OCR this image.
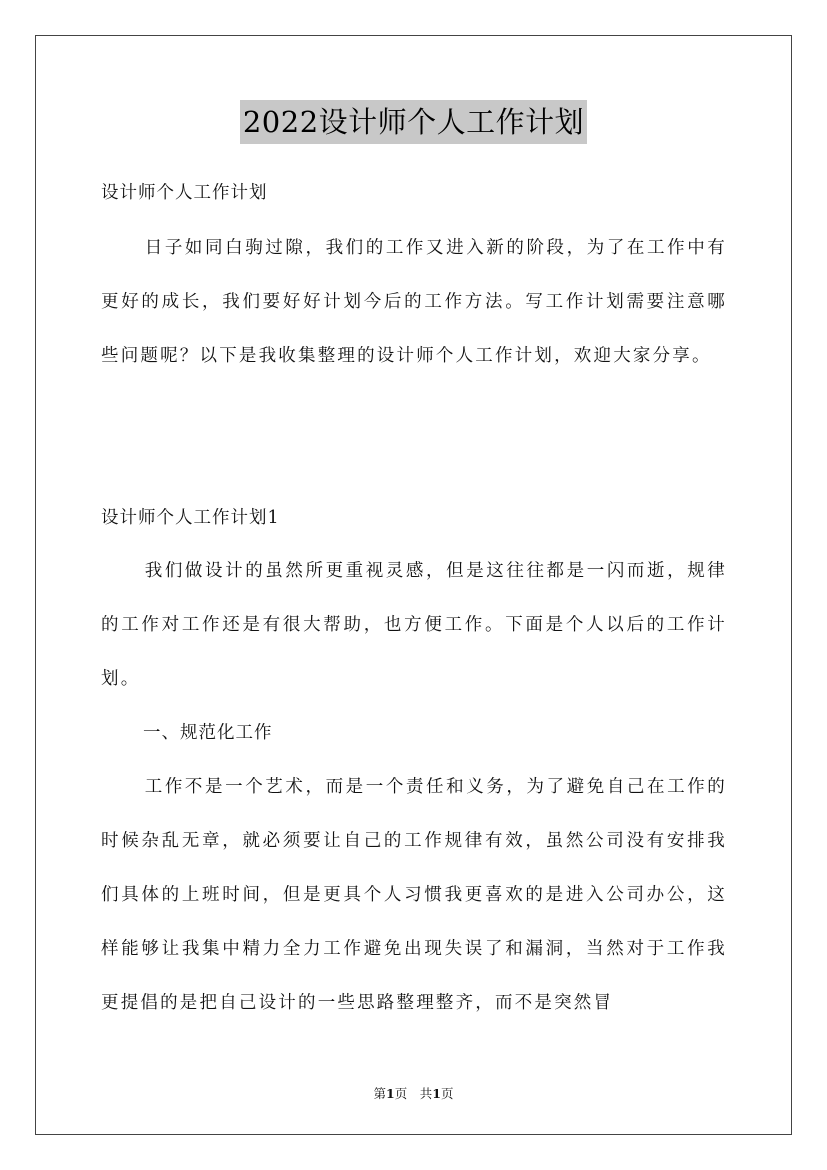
2022设计师个人工作计划
设计师个人工作计划

日子如同白驹过隙，我们的工作又进入新的阶段，为了在工作中有更好的成长，我们要好好计划今后的工作方法。写工作计划需要注意哪些问题呢？以下是我收集整理的设计师个人工作计划，欢迎大家分享。

设计师个人工作计划1

我们做设计的虽然所更重视灵感，但是这往往都是一闪而逝，规律的工作对工作还是有很大帮助，也方便工作。下面是个人以后的工作计划。

一、规范化工作

工作不是一个艺术，而是一个责任和义务，为了避免自己在工作的时候杂乱无章，就必须要让自己的工作规律有效，虽然公司没有安排我们具体的上班时间，但是更具个人习惯我更喜欢的是进入公司办公，这样能够让我集中精力全力工作避免出现失误了和漏洞，当然对于工作我更提倡的是把自己设计的一些思路整理整齐，而不是突然冒

第1页　共1页
